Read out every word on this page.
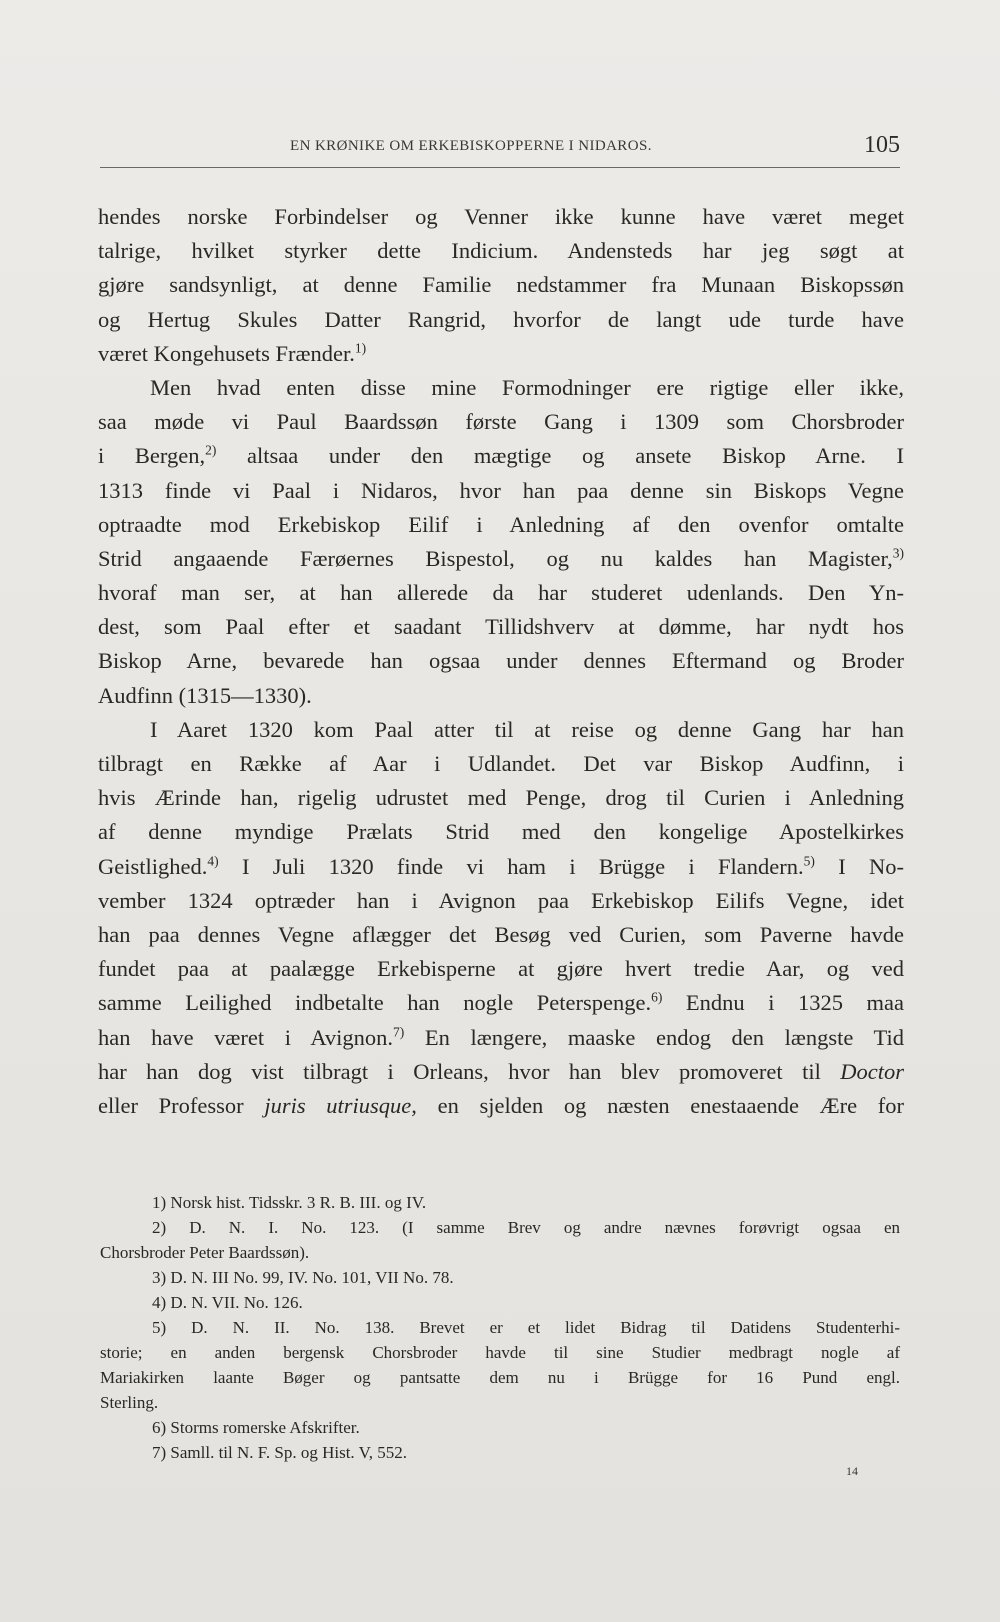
EN KRØNIKE OM ERKEBISKOPPERNE I NIDAROS.	105
hendes norske Forbindelser og Venner ikke kunne have været meget
talrige, hvilket styrker dette Indicium. Andensteds har jeg søgt at
gjøre sandsynligt, at denne Familie nedstammer fra Munaan Biskopssøn
og Hertug Skules Datter Rangrid, hvorfor de langt ude turde have
været Kongehusets Frænder.$^{1)}$
Men hvad enten disse mine Formodninger ere rigtige eller ikke,
saa møde vi Paul Baardssøn første Gang i 1309 som Chorsbroder
i Bergen,$^{2)}$ altsaa under den mægtige og ansete Biskop Arne. I
1313 finde vi Paal i Nidaros, hvor han paa denne sin Biskops Vegne
optraadte mod Erkebiskop Eilif i Anledning af den ovenfor omtalte
Strid angaaende Færøernes Bispestol, og nu kaldes han Magister,$^{3)}$
hvoraf man ser, at han allerede da har studeret udenlands. Den Yn-
dest, som Paal efter et saadant Tillidshverv at dømme, har nydt hos
Biskop Arne, bevarede han ogsaa under dennes Eftermand og Broder
Audfinn (1315—1330).
I Aaret 1320 kom Paal atter til at reise og denne Gang har han
tilbragt en Række af Aar i Udlandet. Det var Biskop Audfinn, i
hvis Ærinde han, rigelig udrustet med Penge, drog til Curien i Anledning
af denne myndige Prælats Strid med den kongelige Apostelkirkes
Geistlighed.$^{4)}$ I Juli 1320 finde vi ham i Brügge i Flandern.$^{5)}$ I No-
vember 1324 optræder han i Avignon paa Erkebiskop Eilifs Vegne, idet
han paa dennes Vegne aflægger det Besøg ved Curien, som Paverne havde
fundet paa at paalægge Erkebisperne at gjøre hvert tredie Aar, og ved
samme Leilighed indbetalte han nogle Peterspenge.$^{6)}$ Endnu i 1325 maa
han have været i Avignon.$^{7)}$ En længere, maaske endog den længste Tid
har han dog vist tilbragt i Orleans, hvor han blev promoveret til Doctor
eller Professor juris utriusque, en sjelden og næsten enestaaende Ære for
1) Norsk hist. Tidsskr. 3 R. B. III. og IV.
2) D. N. I. No. 123. (I samme Brev og andre nævnes forøvrigt ogsaa en
Chorsbroder Peter Baardssøn).
3) D. N. III No. 99, IV. No. 101, VII No. 78.
4) D. N. VII. No. 126.
5) D. N. II. No. 138. Brevet er et lidet Bidrag til Datidens Studenterhi-
storie; en anden bergensk Chorsbroder havde til sine Studier medbragt nogle af
Mariakirken laante Bøger og pantsatte dem nu i Brügge for 16 Pund engl.
Sterling.
6) Storms romerske Afskrifter.
7) Samll. til N. F. Sp. og Hist. V, 552.
14
